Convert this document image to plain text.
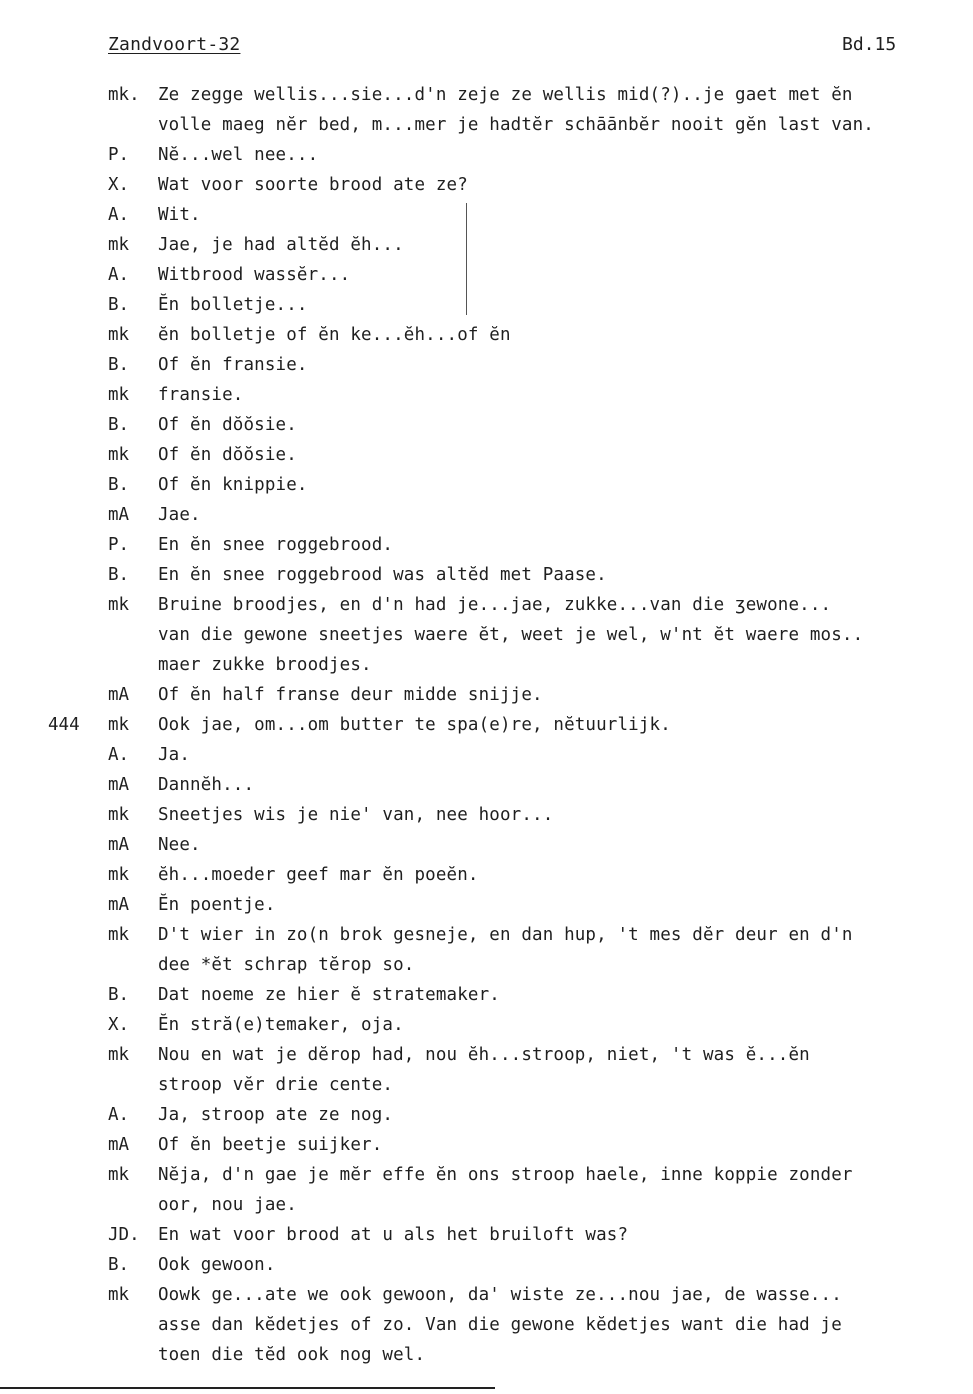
Zandvoort-32	Bd.15
mk. Ze zegge wellis...sie...d'n zeje ze wellis mid(?)..je gaet met ĕn
volle maeg nĕr bed, m...mer je hadtĕr schāānbĕr nooit gĕn last van.
P. Nĕ...wel nee...
X. Wat voor soorte brood ate ze?
A. Wit.
mk Jae, je had altĕd ĕh...
A. Witbrood wassĕr...
B. Ĕn bolletje...
mk ĕn bolletje of ĕn ke...ĕh...of ĕn
B. Of ĕn fransie.
mk fransie.
B. Of ĕn dŏŏsie.
mk Of ĕn dŏŏsie.
B. Of ĕn knippie.
mA Jae.
P. En ĕn snee roggebrood.
B. En ĕn snee roggebrood was altĕd met Paase.
mk Bruine broodjes, en d'n had je...jae, zukke...van die ʒewone...
van die gewone sneetjes waere ĕt, weet je wel, w'nt ĕt waere mos..
maer zukke broodjes.
mA Of ĕn half franse deur midde snijje.
444 mk Ook jae, om...om butter te spa(e)re, nĕtuurlijk.
A. Ja.
mA Dannĕh...
mk Sneetjes wis je nie' van, nee hoor...
mA Nee.
mk ĕh...moeder geef mar ĕn poeĕn.
mA Ĕn poentje.
mk D't wier in zo(n brok gesneje, en dan hup, 't mes dĕr deur en d'n
dee *ĕt schrap tĕrop so.
B. Dat noeme ze hier ĕ stratemaker.
X. Ĕn stră(e)temaker, oja.
mk Nou en wat je dĕrop had, nou ĕh...stroop, niet, 't was ĕ...ĕn
stroop vĕr drie cente.
A. Ja, stroop ate ze nog.
mA Of ĕn beetje suijker.
mk Nĕja, d'n gae je mĕr effe ĕn ons stroop haele, inne koppie zonder
oor, nou jae.
JD. En wat voor brood at u als het bruiloft was?
B. Ook gewoon.
mk Oowk ge...ate we ook gewoon, da' wiste ze...nou jae, de wasse...
asse dan kĕdetjes of zo. Van die gewone kĕdetjes want die had je
toen die tĕd ook nog wel.
